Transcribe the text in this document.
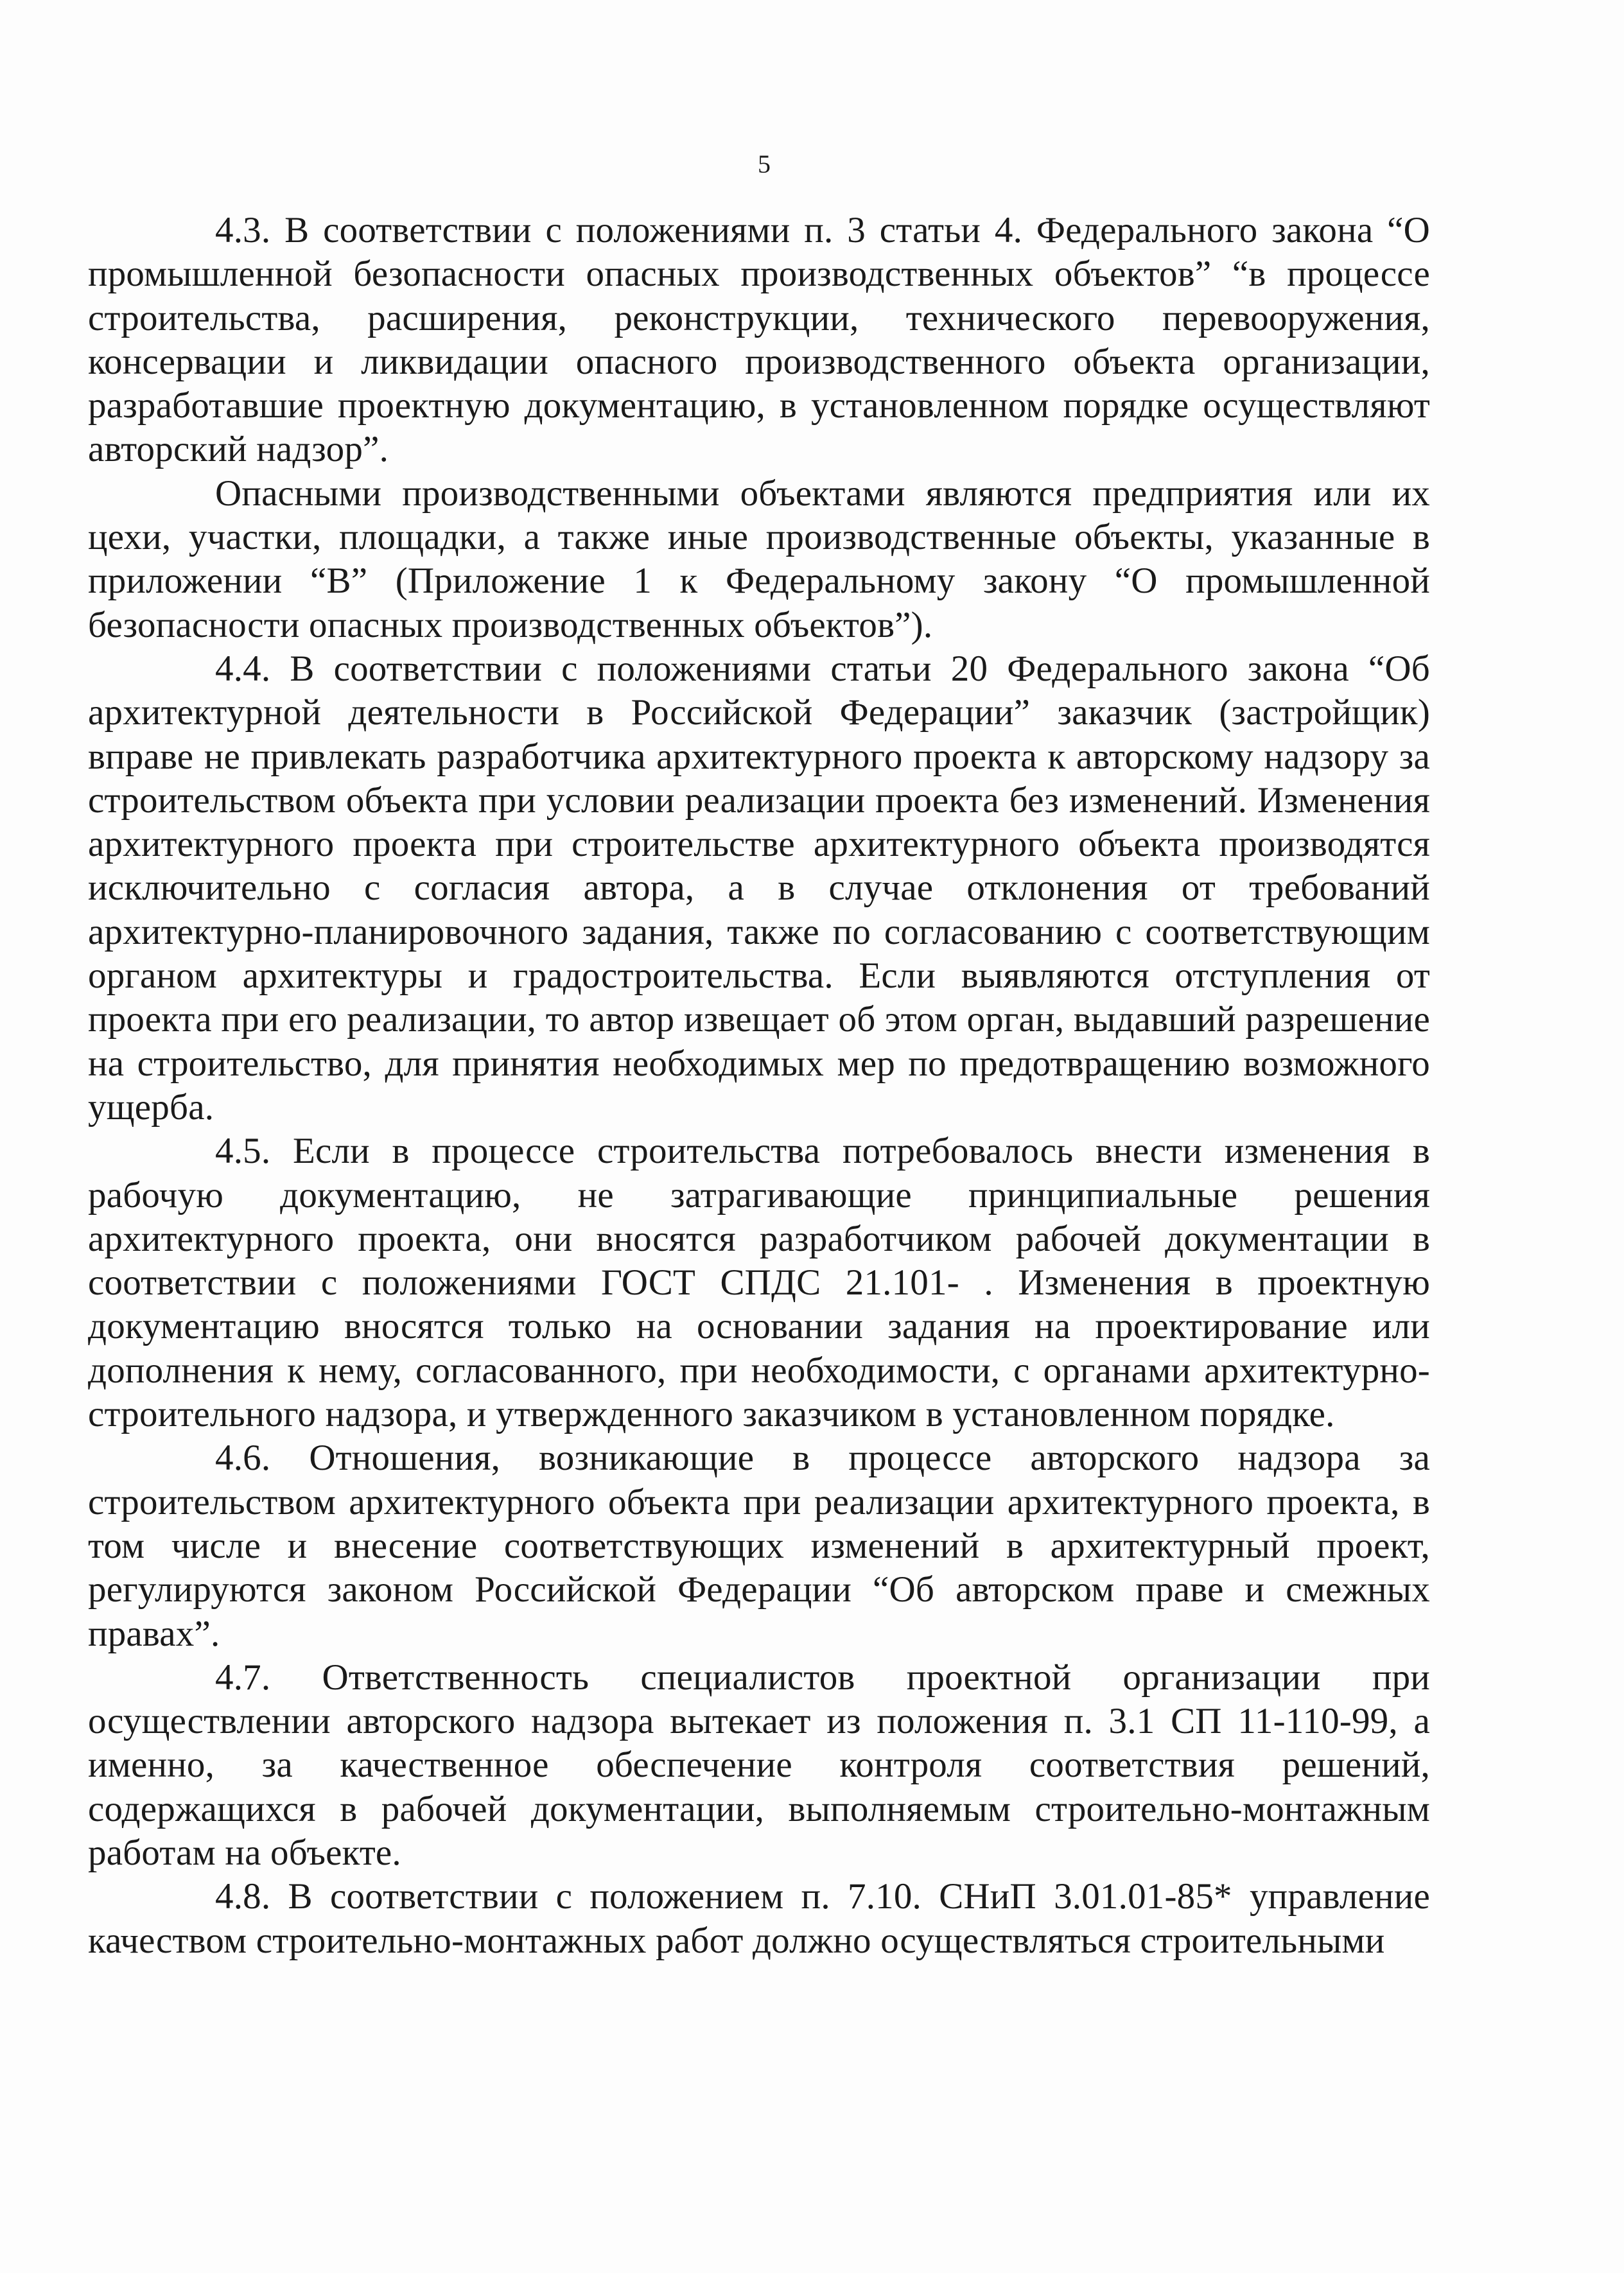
5

4.3. В соответствии с положениями п. 3 статьи 4. Федерального закона “О промышленной безопасности опасных производственных объектов” “в процессе строительства, расширения, реконструкции, технического перевооружения, консервации и ликвидации опасного производственного объекта организации, разработавшие проектную документацию, в установленном порядке осуществляют авторский надзор”.

Опасными производственными объектами являются предприятия или их цехи, участки, площадки, а также иные производственные объекты, указанные в приложении “В” (Приложение 1 к Федеральному закону “О промышленной безопасности опасных производственных объектов”).

4.4. В соответствии с положениями статьи 20 Федерального закона “Об архитектурной деятельности в Российской Федерации” заказчик (застройщик) вправе не привлекать разработчика архитектурного проекта к авторскому надзору за строительством объекта при условии реализации проекта без изменений. Изменения архитектурного проекта при строительстве архитектурного объекта производятся исключительно с согласия автора, а в случае отклонения от требований архитектурно-планировочного задания, также по согласованию с соответствующим органом архитектуры и градостроительства. Если выявляются отступления от проекта при его реализации, то автор извещает об этом орган, выдавший разрешение на строительство, для принятия необходимых мер по предотвращению возможного ущерба.

4.5. Если в процессе строительства потребовалось внести изменения в рабочую документацию, не затрагивающие принципиальные решения архитектурного проекта, они вносятся разработчиком рабочей документации в соответствии с положениями ГОСТ СПДС 21.101- . Изменения в проектную документацию вносятся только на основании задания на проектирование или дополнения к нему, согласованного, при необходимости, с органами архитектурно-строительного надзора, и утвержденного заказчиком в установленном порядке.

4.6. Отношения, возникающие в процессе авторского надзора за строительством архитектурного объекта при реализации архитектурного проекта, в том числе и внесение соответствующих изменений в архитектурный проект, регулируются законом Российской Федерации “Об авторском праве и смежных правах”.

4.7. Ответственность специалистов проектной организации при осуществлении авторского надзора вытекает из положения п. 3.1 СП 11-110-99, а именно, за качественное обеспечение контроля соответствия решений, содержащихся в рабочей документации, выполняемым строительно-монтажным работам на объекте.

4.8. В соответствии с положением п. 7.10. СНиП 3.01.01-85* управление качеством строительно-монтажных работ должно осуществляться строительными
